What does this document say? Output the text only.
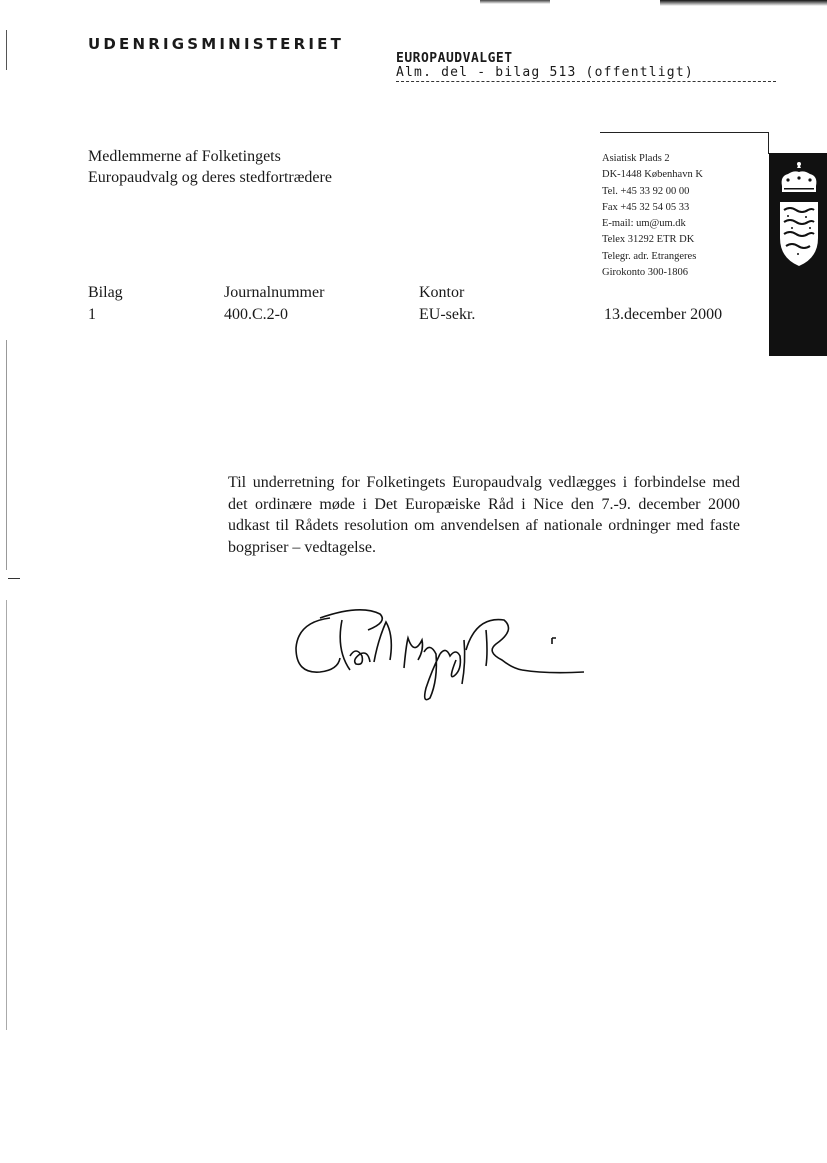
UDENRIGSMINISTERIET
EUROPAUDVALGET
Alm. del - bilag 513 (offentligt)
Medlemmerne af Folketingets
Europaudvalg og deres stedfortrædere
Asiatisk Plads 2
DK-1448 København K
Tel. +45 33 92 00 00
Fax +45 32 54 05 33
E-mail: um@um.dk
Telex 31292 ETR DK
Telegr. adr. Etrangeres
Girokonto 300-1806
Bilag
1
Journalnummer
400.C.2-0
Kontor
EU-sekr.	13.december 2000
Til underretning for Folketingets Europaudvalg vedlægges i forbindelse med det ordinære møde i Det Europæiske Råd i Nice den 7.-9. december 2000 udkast til Rådets resolution om anvendelsen af nationale ordninger med faste bogpriser – vedtagelse.
